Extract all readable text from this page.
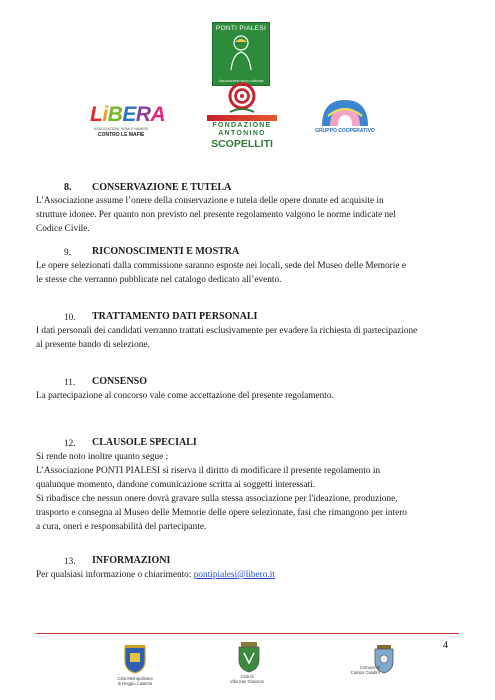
PONTI PIALESI
Associazione socio-culturale
LiBERA
ASSOCIAZIONI, NOMI E NUMERI
CONTRO LE MAFIE
FONDAZIONE
ANTONINO
SCOPELLITI
GRUPPO COOPERATIVO
8. CONSERVAZIONE E TUTELA
L’Associazione assume l’onere della conservazione e tutela delle opere donate ed acquisite in
strutture idonee. Per quanto non previsto nel presente regolamento valgono le norme indicate nel
Codice Civile.
9. RICONOSCIMENTI E MOSTRA
Le opere selezionati dalla commissione saranno esposte nei locali, sede del Museo delle Memorie e
le stesse che verranno pubblicate nel catalogo dedicato all’evento.
10. TRATTAMENTO DATI PERSONALI
I dati personali dei candidati verranno trattati esclusivamente per evadere la richiesta di partecipazione
al presente bando di selezione.
11. CONSENSO
La partecipazione al concorso vale come accettazione del presente regolamento.
12. CLAUSOLE SPECIALI
Si rende noto inoltre quanto segue :
L’Associazione PONTI PIALESI si riserva il diritto di modificare il presente regolamento in
qualunque momento, dandone comunicazione scritta ai soggetti interessati.
Si ribadisce che nessun onere dovrà gravare sulla stessa associazione per l'ideazione, produzione,
trasporto e consegna al Museo delle Memorie delle opere selezionate, fasi che rimangono per intero
a cura, oneri e responsabilità del partecipante.
13. INFORMAZIONI
Per qualsiasi informazione o chiarimento: pontipialesi@libero.it
4
Città Metropolitana
di Reggio Calabria
Città di
Villa San Giovanni
Comune di
Campo Calabro
